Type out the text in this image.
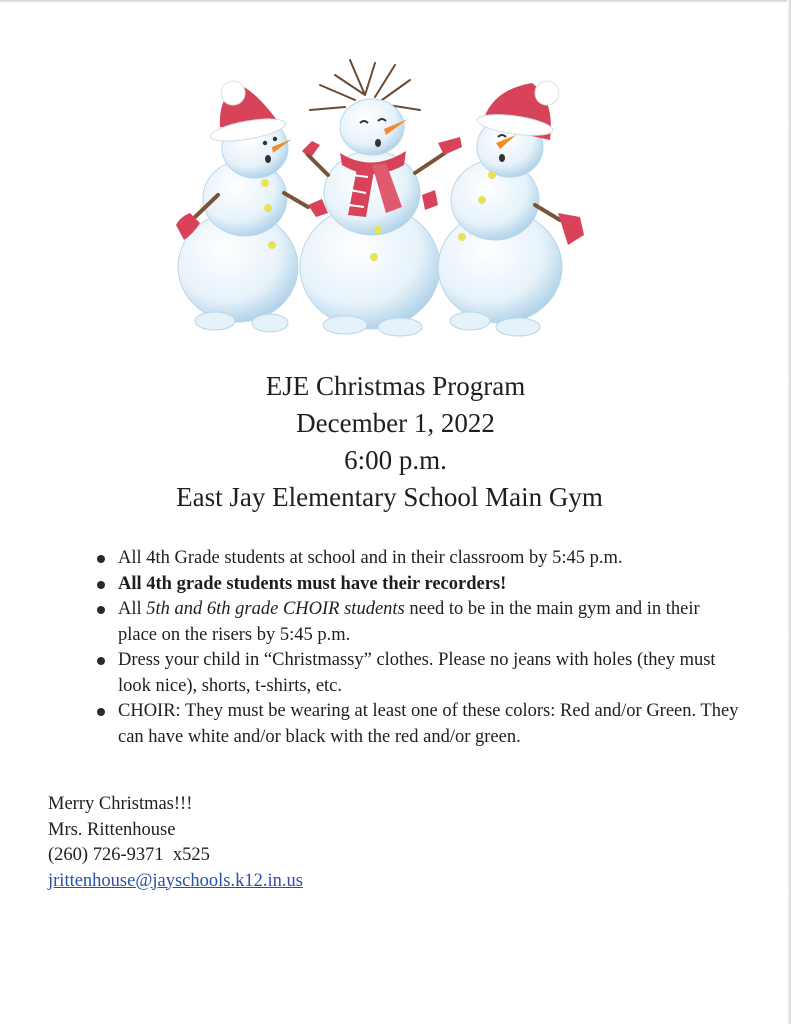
EJE Christmas Program
December 1, 2022
6:00 p.m.
East Jay Elementary School Main Gym
All 4th Grade students at school and in their classroom by 5:45 p.m.
All 4th grade students must have their recorders!
All 5th and 6th grade CHOIR students need to be in the main gym and in their place on the risers by 5:45 p.m.
Dress your child in “Christmassy” clothes. Please no jeans with holes (they must look nice), shorts, t-shirts, etc.
CHOIR: They must be wearing at least one of these colors: Red and/or Green. They can have white and/or black with the red and/or green.
Merry Christmas!!!
Mrs. Rittenhouse
(260) 726-9371  x525
jrittenhouse@jayschools.k12.in.us
